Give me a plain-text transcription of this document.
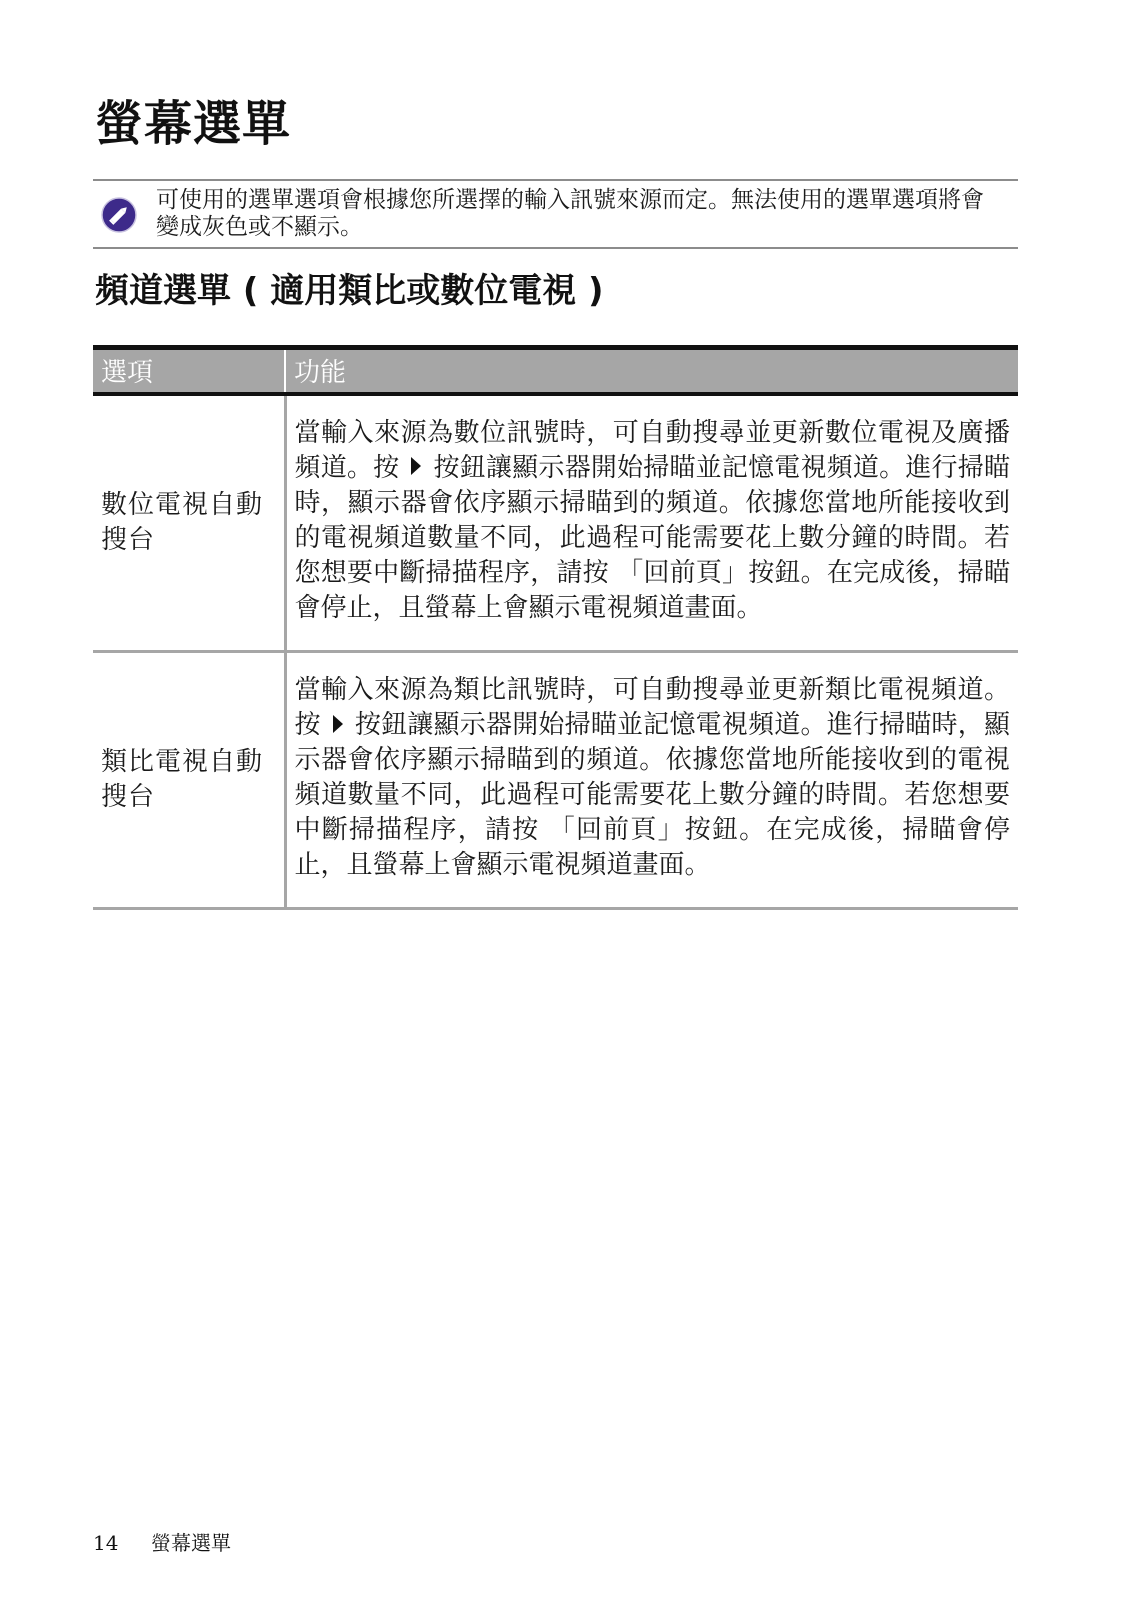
螢幕選單
可使用的選單選項會根據您所選擇的輸入訊號來源而定。無法使用的選單選項將會變成灰色或不顯示。
頻道選單 ( 適用類比或數位電視 )
選項	功能
數位電視自動搜台	當輸入來源為數位訊號時，可自動搜尋並更新數位電視及廣播頻道。按 按鈕讓顯示器開始掃瞄並記憶電視頻道。進行掃瞄時，顯示器會依序顯示掃瞄到的頻道。依據您當地所能接收到的電視頻道數量不同，此過程可能需要花上數分鐘的時間。若您想要中斷掃描程序，請按 「回前頁」按鈕。在完成後，掃瞄會停止，且螢幕上會顯示電視頻道畫面。
類比電視自動搜台	當輸入來源為類比訊號時，可自動搜尋並更新類比電視頻道。按 按鈕讓顯示器開始掃瞄並記憶電視頻道。進行掃瞄時，顯示器會依序顯示掃瞄到的頻道。依據您當地所能接收到的電視頻道數量不同，此過程可能需要花上數分鐘的時間。若您想要中斷掃描程序，請按 「回前頁」按鈕。在完成後，掃瞄會停止，且螢幕上會顯示電視頻道畫面。
14 螢幕選單
